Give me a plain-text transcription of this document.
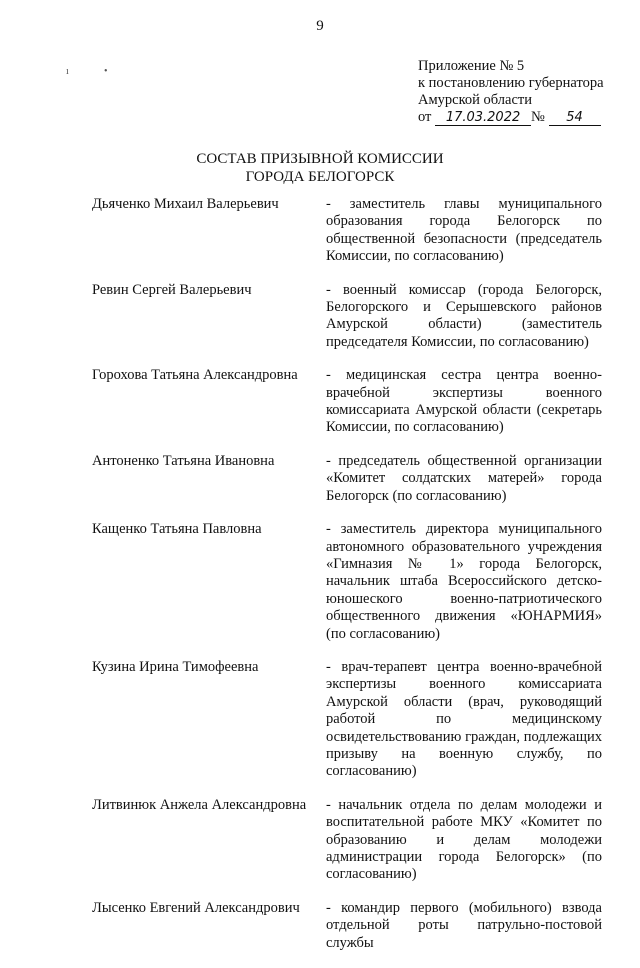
9
ı	•	Приложение № 5
к постановлению губернатора
Амурской области
от 17.03.2022 № 54
СОСТАВ ПРИЗЫВНОЙ КОМИССИИ
ГОРОДА БЕЛОГОРСК
Дьяченко Михаил Валерьевич	- заместитель главы муниципального образования города Белогорск по общественной безопасности (председатель Комиссии, по согласованию)
Ревин Сергей Валерьевич	- военный комиссар (города Белогорск, Белогорского и Серышевского районов Амурской области) (заместитель председателя Комиссии, по согласованию)
Горохова Татьяна Александровна	- медицинская сестра центра военно-врачебной экспертизы военного комиссариата Амурской области (секретарь Комиссии, по согласованию)
Антоненко Татьяна Ивановна	- председатель общественной организации «Комитет солдатских матерей» города Белогорск (по согласованию)
Кащенко Татьяна Павловна	- заместитель директора муниципального автономного образовательного учреждения «Гимназия № 1» города Белогорск, начальник штаба Всероссийского детско-юношеского военно-патриотического общественного движения «ЮНАРМИЯ» (по согласованию)
Кузина Ирина Тимофеевна	- врач-терапевт центра военно-врачебной экспертизы военного комиссариата Амурской области (врач, руководящий работой по медицинскому освидетельствованию граждан, подлежащих призыву на военную службу, по согласованию)
Литвинюк Анжела Александровна	- начальник отдела по делам молодежи и воспитательной работе МКУ «Комитет по образованию и делам молодежи администрации города Белогорск» (по согласованию)
Лысенко Евгений Александрович	- командир первого (мобильного) взвода отдельной роты патрульно-постовой службы
